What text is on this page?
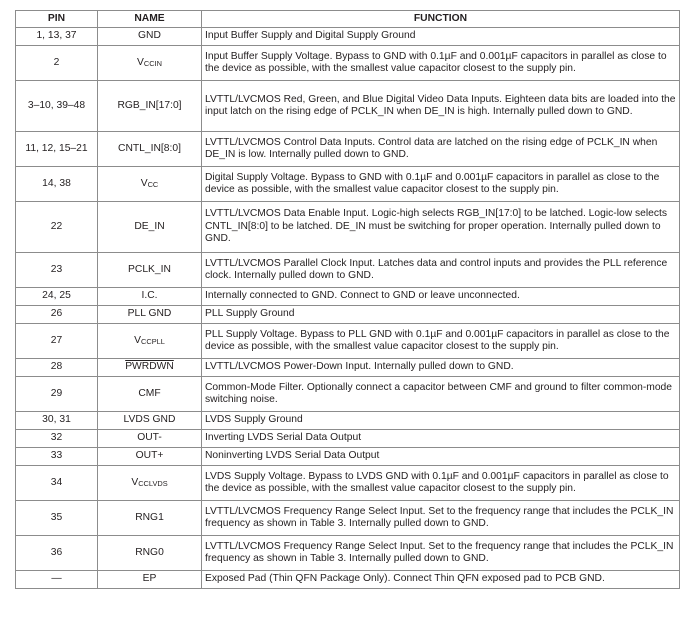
PIN	NAME	FUNCTION
1, 13, 37	GND	Input Buffer Supply and Digital Supply Ground
2	VCCIN	Input Buffer Supply Voltage. Bypass to GND with 0.1µF and 0.001µF capacitors in parallel as close to the device as possible, with the smallest value capacitor closest to the supply pin.
3–10, 39–48	RGB_IN[17:0]	LVTTL/LVCMOS Red, Green, and Blue Digital Video Data Inputs. Eighteen data bits are loaded into the input latch on the rising edge of PCLK_IN when DE_IN is high. Internally pulled down to GND.
11, 12, 15–21	CNTL_IN[8:0]	LVTTL/LVCMOS Control Data Inputs. Control data are latched on the rising edge of PCLK_IN when DE_IN is low. Internally pulled down to GND.
14, 38	VCC	Digital Supply Voltage. Bypass to GND with 0.1µF and 0.001µF capacitors in parallel as close to the device as possible, with the smallest value capacitor closest to the supply pin.
22	DE_IN	LVTTL/LVCMOS Data Enable Input. Logic-high selects RGB_IN[17:0] to be latched. Logic-low selects CNTL_IN[8:0] to be latched. DE_IN must be switching for proper operation. Internally pulled down to GND.
23	PCLK_IN	LVTTL/LVCMOS Parallel Clock Input. Latches data and control inputs and provides the PLL reference clock. Internally pulled down to GND.
24, 25	I.C.	Internally connected to GND. Connect to GND or leave unconnected.
26	PLL GND	PLL Supply Ground
27	VCCPLL	PLL Supply Voltage. Bypass to PLL GND with 0.1µF and 0.001µF capacitors in parallel as close to the device as possible, with the smallest value capacitor closest to the supply pin.
28	PWRDWN	LVTTL/LVCMOS Power-Down Input. Internally pulled down to GND.
29	CMF	Common-Mode Filter. Optionally connect a capacitor between CMF and ground to filter common-mode switching noise.
30, 31	LVDS GND	LVDS Supply Ground
32	OUT-	Inverting LVDS Serial Data Output
33	OUT+	Noninverting LVDS Serial Data Output
34	VCCLVDS	LVDS Supply Voltage. Bypass to LVDS GND with 0.1µF and 0.001µF capacitors in parallel as close to the device as possible, with the smallest value capacitor closest to the supply pin.
35	RNG1	LVTTL/LVCMOS Frequency Range Select Input. Set to the frequency range that includes the PCLK_IN frequency as shown in Table 3. Internally pulled down to GND.
36	RNG0	LVTTL/LVCMOS Frequency Range Select Input. Set to the frequency range that includes the PCLK_IN frequency as shown in Table 3. Internally pulled down to GND.
—	EP	Exposed Pad (Thin QFN Package Only). Connect Thin QFN exposed pad to PCB GND.
